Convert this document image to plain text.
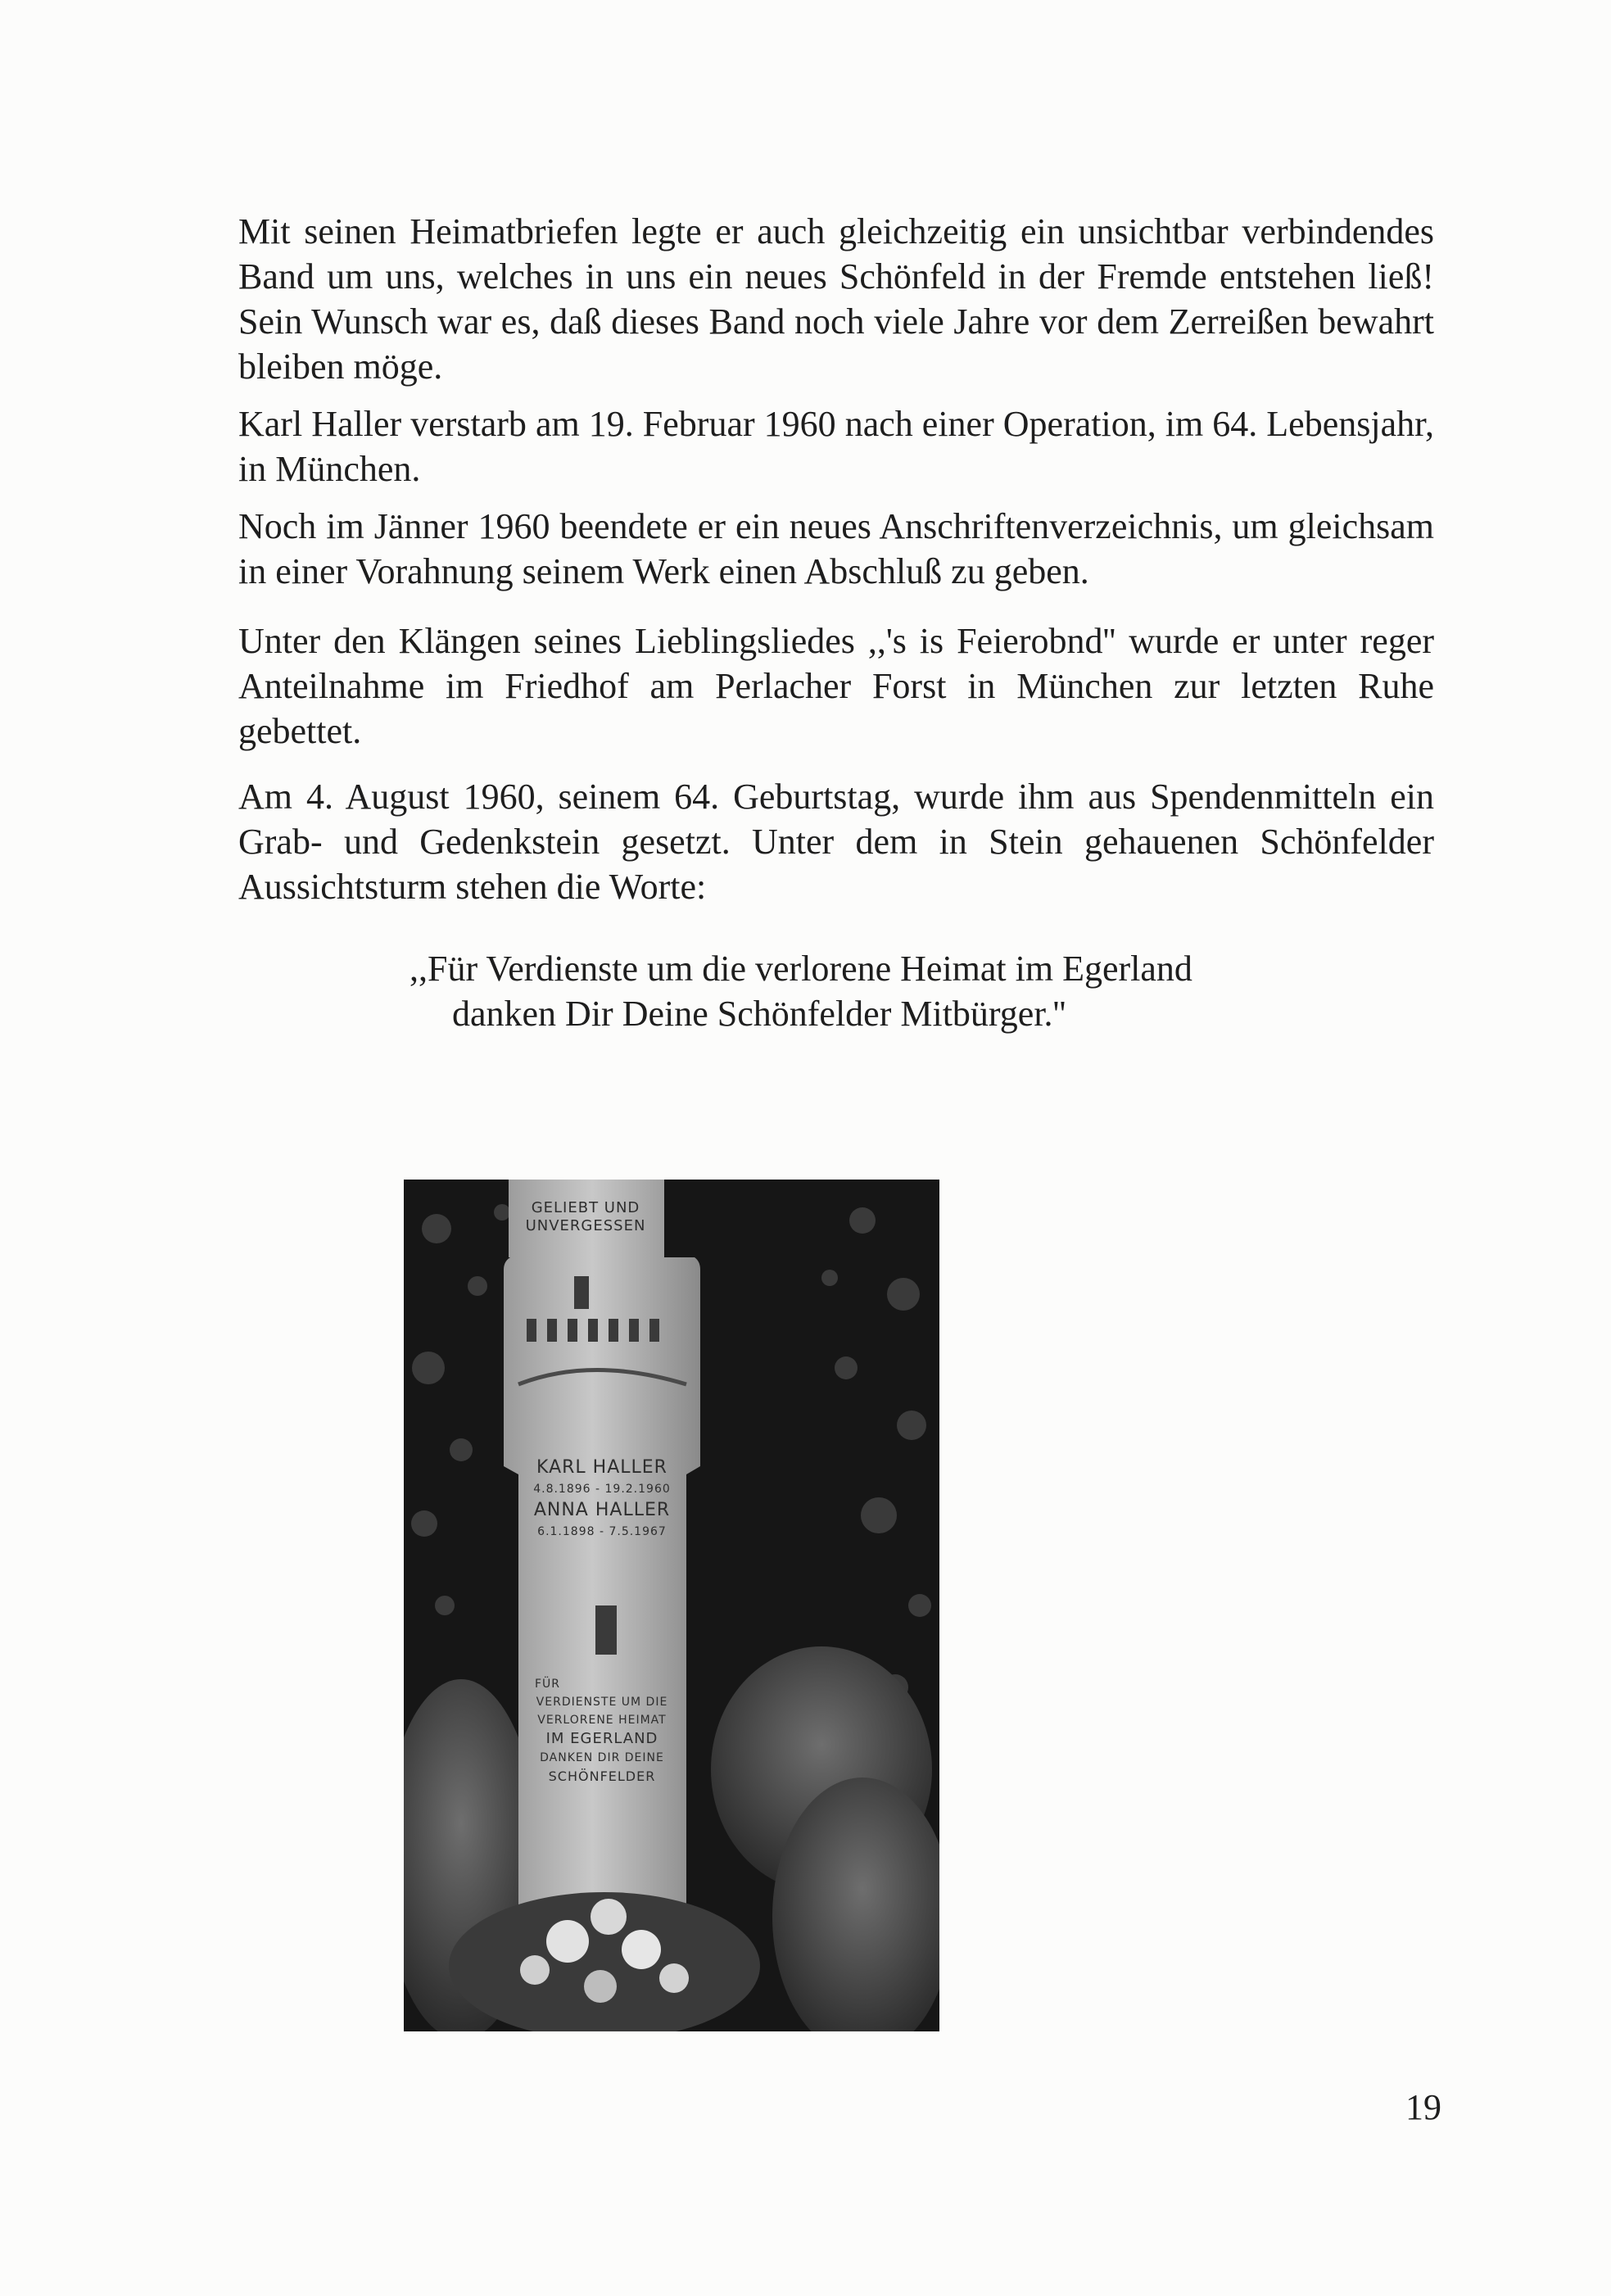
Mit seinen Heimatbriefen legte er auch gleichzeitig ein unsichtbar verbindendes Band um uns, welches in uns ein neues Schönfeld in der Fremde entstehen ließ! Sein Wunsch war es, daß dieses Band noch viele Jahre vor dem Zerreißen bewahrt bleiben möge.

Karl Haller verstarb am 19. Februar 1960 nach einer Operation, im 64. Lebensjahr, in München.

Noch im Jänner 1960 beendete er ein neues Anschriftenverzeichnis, um gleichsam in einer Vorahnung seinem Werk einen Abschluß zu geben.

Unter den Klängen seines Lieblingsliedes ,,'s is Feierobnd'' wurde er unter reger Anteilnahme im Friedhof am Perlacher Forst in München zur letzten Ruhe gebettet.

Am 4. August 1960, seinem 64. Geburtstag, wurde ihm aus Spendenmitteln ein Grab- und Gedenkstein gesetzt. Unter dem in Stein gehauenen Schönfelder Aussichtsturm stehen die Worte:

,,Für Verdienste um die verlorene Heimat im Egerland
danken Dir Deine Schönfelder Mitbürger.''
GELIEBT UND
UNVERGESSEN
KARL HALLER
4.8.1896 - 19.2.1960
ANNA HALLER
6.1.1898 - 7.5.1967
FÜR
VERDIENSTE UM DIE
VERLORENE HEIMAT
IM EGERLAND
DANKEN DIR DEINE
SCHÖNFELDER
19
